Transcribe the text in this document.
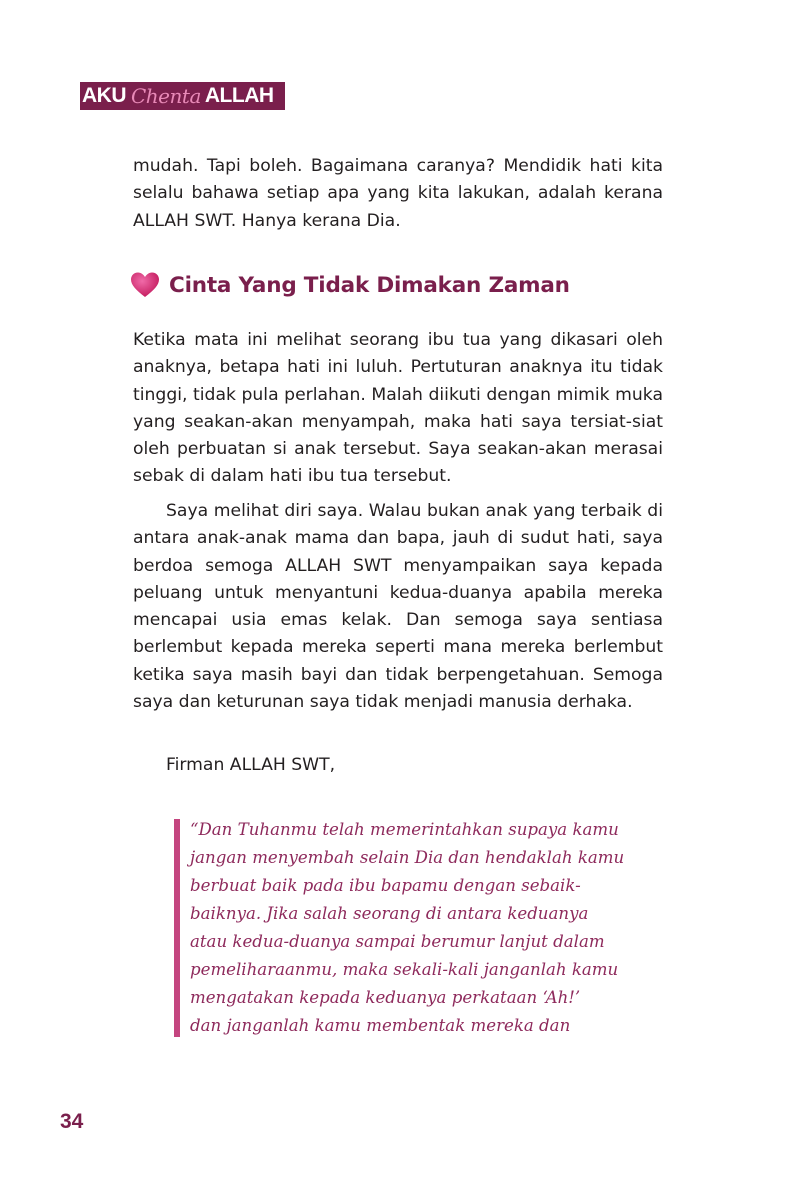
AKU Chenta ALLAH

mudah. Tapi boleh. Bagaimana caranya? Mendidik hati kita selalu bahawa setiap apa yang kita lakukan, adalah kerana ALLAH SWT. Hanya kerana Dia.

Cinta Yang Tidak Dimakan Zaman

Ketika mata ini melihat seorang ibu tua yang dikasari oleh anaknya, betapa hati ini luluh. Pertuturan anaknya itu tidak tinggi, tidak pula perlahan. Malah diikuti dengan mimik muka yang seakan-akan menyampah, maka hati saya tersiat-siat oleh perbuatan si anak tersebut. Saya seakan-akan merasai sebak di dalam hati ibu tua tersebut.

Saya melihat diri saya. Walau bukan anak yang terbaik di antara anak-anak mama dan bapa, jauh di sudut hati, saya berdoa semoga ALLAH SWT menyampaikan saya kepada peluang untuk menyantuni kedua-duanya apabila mereka mencapai usia emas kelak. Dan semoga saya sentiasa berlembut kepada mereka seperti mana mereka berlembut ketika saya masih bayi dan tidak berpengetahuan. Semoga saya dan keturunan saya tidak menjadi manusia derhaka.

Firman ALLAH SWT,

“Dan Tuhanmu telah memerintahkan supaya kamu
jangan menyembah selain Dia dan hendaklah kamu
berbuat baik pada ibu bapamu dengan sebaik-
baiknya. Jika salah seorang di antara keduanya
atau kedua-duanya sampai berumur lanjut dalam
pemeliharaanmu, maka sekali-kali janganlah kamu
mengatakan kepada keduanya perkataan ‘Ah!’
dan janganlah kamu membentak mereka dan
34
